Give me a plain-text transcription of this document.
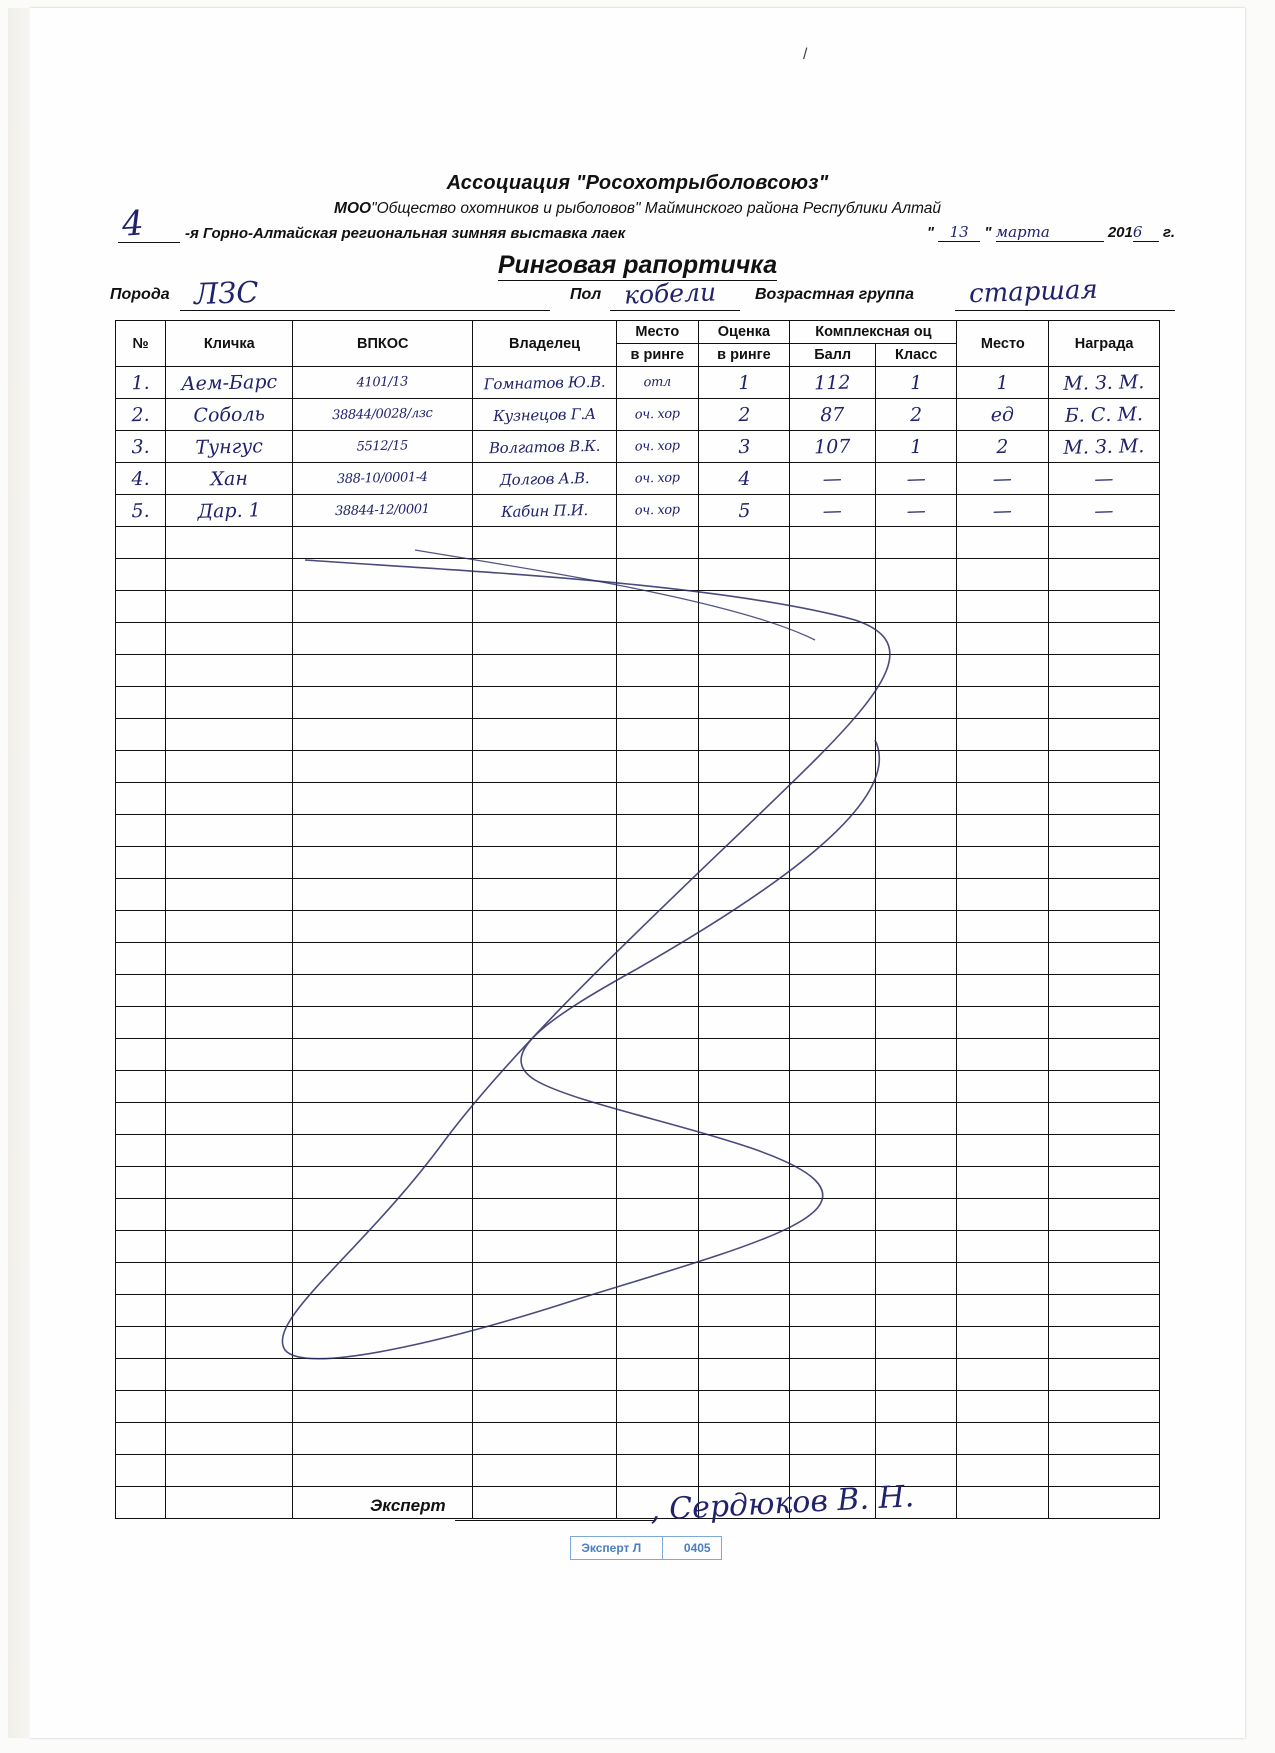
/
Ассоциация "Росохотрыболовсоюз"
МОО"Общество охотников и рыболовов" Майминского района Республики Алтай
4	-я Горно-Алтайская региональная зимняя выставка лаек	" 13 " марта	2016 г.
Ринговая рапортичка
Порода ЛЗС	Пол кобели Возрастная группа старшая
№	Кличка	ВПКОС	Владелец	Место	Оценка	Комплексная оц		Место	Награда
				в ринге	в ринге	Балл	Класс		

1.	Аем-Барс	4101/13	Гомнатов Ю.В.	отл	1	112	1	1	М. З. М.

2.	Соболь	38844/0028/лзс	Кузнецов Г.А	оч. хор	2	87	2	ед	Б. С. М.

3.	Тунгус	5512/15	Волгатов В.К.	оч. хор	3	107	1	2	М. З. М.

4.	Хан	388-10/0001-4	Долгов А.В.	оч. хор	4	—	—	—	—

5.	Дар. 1	38844-12/0001	Кабин П.И.	оч. хор	5	—	—	—	—

Эксперт	, Сердюков В. Н.
Эксперт Л	0405
